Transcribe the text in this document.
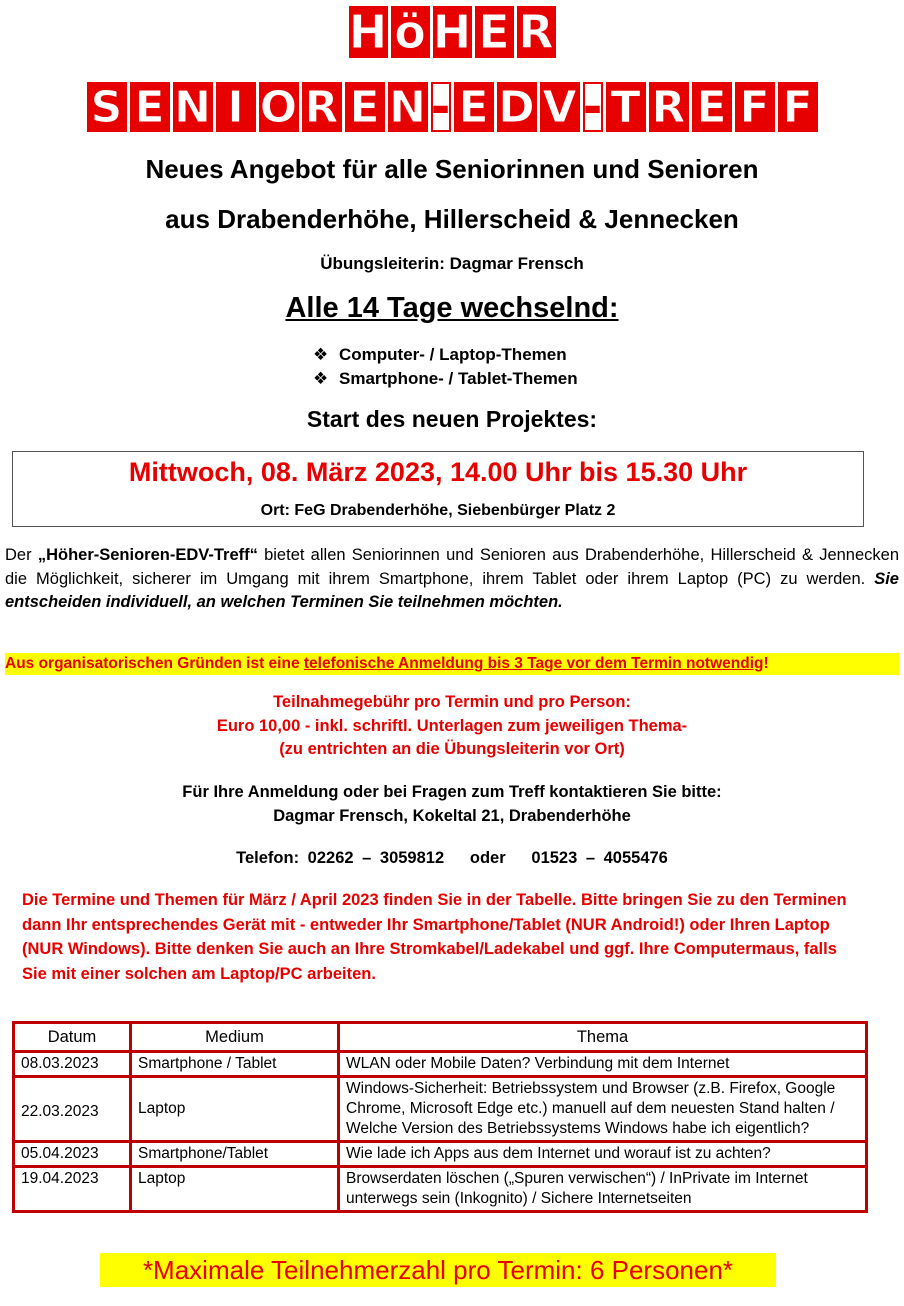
H ö H E R
S E N I O R E N - E D V - T R E F F
Neues Angebot für alle Seniorinnen und Senioren
aus Drabenderhöhe, Hillerscheid & Jennecken
Übungsleiterin: Dagmar Frensch
Alle 14 Tage wechselnd:
❖ Computer- / Laptop-Themen
❖ Smartphone- / Tablet-Themen
Start des neuen Projektes:
Mittwoch, 08. März 2023, 14.00 Uhr bis 15.30 Uhr
Ort: FeG Drabenderhöhe, Siebenbürger Platz 2
Der „Höher-Senioren-EDV-Treff“ bietet allen Seniorinnen und Senioren aus Drabenderhöhe, Hillerscheid & Jennecken die Möglichkeit, sicherer im Umgang mit ihrem Smartphone, ihrem Tablet oder ihrem Laptop (PC) zu werden. Sie entscheiden individuell, an welchen Terminen Sie teilnehmen möchten.
Aus organisatorischen Gründen ist eine telefonische Anmeldung bis 3 Tage vor dem Termin notwendig!
Teilnahmegebühr pro Termin und pro Person:
Euro 10,00 - inkl. schriftl. Unterlagen zum jeweiligen Thema-
(zu entrichten an die Übungsleiterin vor Ort)
Für Ihre Anmeldung oder bei Fragen zum Treff kontaktieren Sie bitte:
Dagmar Frensch, Kokeltal 21, Drabenderhöhe
Telefon: 02262 – 3059812   oder   01523 – 4055476
Die Termine und Themen für März / April 2023 finden Sie in der Tabelle. Bitte bringen Sie zu den Terminen dann Ihr entsprechendes Gerät mit - entweder Ihr Smartphone/Tablet (NUR Android!) oder Ihren Laptop (NUR Windows). Bitte denken Sie auch an Ihre Stromkabel/Ladekabel und ggf. Ihre Computermaus, falls Sie mit einer solchen am Laptop/PC arbeiten.
Datum	Medium	Thema
08.03.2023	Smartphone / Tablet	WLAN oder Mobile Daten? Verbindung mit dem Internet
22.03.2023	Laptop	Windows-Sicherheit: Betriebssystem und Browser (z.B. Firefox, Google Chrome, Microsoft Edge etc.) manuell auf dem neuesten Stand halten / Welche Version des Betriebssystems Windows habe ich eigentlich?
05.04.2023	Smartphone/Tablet	Wie lade ich Apps aus dem Internet und worauf ist zu achten?
19.04.2023	Laptop	Browserdaten löschen („Spuren verwischen“) / InPrivate im Internet unterwegs sein (Inkognito) / Sichere Internetseiten
*Maximale Teilnehmerzahl pro Termin: 6 Personen*
